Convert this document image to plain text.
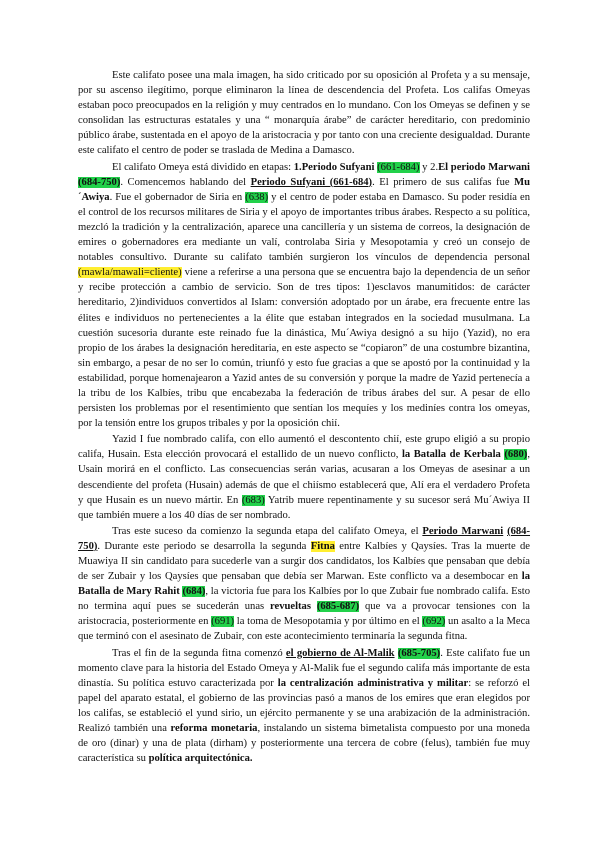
Este califato posee una mala imagen, ha sido criticado por su oposición al Profeta y a su mensaje, por su ascenso ilegítimo, porque eliminaron la línea de descendencia del Profeta. Los califas Omeyas estaban poco preocupados en la religión y muy centrados en lo mundano. Con los Omeyas se definen y se consolidan las estructuras estatales y una “ monarquía árabe” de carácter hereditario, con predominio público árabe, sustentada en el apoyo de la aristocracia y por tanto con una creciente desigualdad. Durante este califato el centro de poder se traslada de Medina a Damasco.

El califato Omeya está dividido en etapas: 1.Periodo Sufyani (661-684) y 2.El periodo Marwani (684-750). Comencemos hablando del Periodo Sufyani (661-684). El primero de sus califas fue Mu´Awiya. Fue el gobernador de Siria en (638) y el centro de poder estaba en Damasco. Su poder residía en el control de los recursos militares de Siria y el apoyo de importantes tribus árabes. Respecto a su política, mezcló la tradición y la centralización, aparece una cancillería y un sistema de correos, la designación de emires o gobernadores era mediante un valí, controlaba Siria y Mesopotamia y creó un consejo de notables consultivo. Durante su califato también surgieron los vínculos de dependencia personal (mawla/mawali=cliente) viene a referirse a una persona que se encuentra bajo la dependencia de un señor y recibe protección a cambio de servicio. Son de tres tipos: 1)esclavos manumitidos: de carácter hereditario, 2)individuos convertidos al Islam: conversión adoptado por un árabe, era frecuente entre las élites e individuos no pertenecientes a la élite que estaban integrados en la sociedad musulmana. La cuestión sucesoria durante este reinado fue la dinástica, Mu´Awiya designó a su hijo (Yazid), no era propio de los árabes la designación hereditaria, en este aspecto se “copiaron” de una costumbre bizantina, sin embargo, a pesar de no ser lo común, triunfó y esto fue gracias a que se apostó por la continuidad y la estabilidad, porque homenajearon a Yazid antes de su conversión y porque la madre de Yazid pertenecía a la tribu de los Kalbíes, tribu que encabezaba la federación de tribus árabes del sur. A pesar de ello persisten los problemas por el resentimiento que sentían los mequíes y los mediníes contra los omeyas, por la tensión entre los grupos tribales y por la oposición chií.

Yazid I fue nombrado califa, con ello aumentó el descontento chií, este grupo eligió a su propio califa, Husain. Esta elección provocará el estallido de un nuevo conflicto, la Batalla de Kerbala (680), Usain morirá en el conflicto. Las consecuencias serán varias, acusaran a los Omeyas de asesinar a un descendiente del profeta (Husain) además de que el chiísmo establecerá que, Alí era el verdadero Profeta y que Husain es un nuevo mártir. En (683) Yatrib muere repentinamente y su sucesor será Mu´Awiya II que también muere a los 40 días de ser nombrado.

Tras este suceso da comienzo la segunda etapa del califato Omeya, el Periodo Marwani (684-750). Durante este periodo se desarrolla la segunda Fitna entre Kalbíes y Qaysíes. Tras la muerte de Muawiya II sin candidato para sucederle van a surgir dos candidatos, los Kalbíes que pensaban que debía de ser Zubair y los Qaysíes que pensaban que debía ser Marwan. Este conflicto va a desembocar en la Batalla de Mary Rahit (684), la victoria fue para los Kalbíes por lo que Zubair fue nombrado califa. Esto no termina aquí pues se sucederán unas revueltas (685-687) que va a provocar tensiones con la aristocracia, posteriormente en (691) la toma de Mesopotamia y por último en el (692) un asalto a la Meca que terminó con el asesinato de Zubair, con este acontecimiento terminaría la segunda fitna.

Tras el fin de la segunda fitna comenzó el gobierno de Al-Malik (685-705). Este califato fue un momento clave para la historia del Estado Omeya y Al-Malik fue el segundo califa más importante de esta dinastía. Su política estuvo caracterizada por la centralización administrativa y militar: se reforzó el papel del aparato estatal, el gobierno de las provincias pasó a manos de los emires que eran elegidos por los califas, se estableció el yund sirio, un ejército permanente y se una arabización de la administración. Realizó también una reforma monetaria, instalando un sistema bimetalista compuesto por una moneda de oro (dinar) y una de plata (dirham) y posteriormente una tercera de cobre (felus), también fue muy característica su política arquitectónica.
